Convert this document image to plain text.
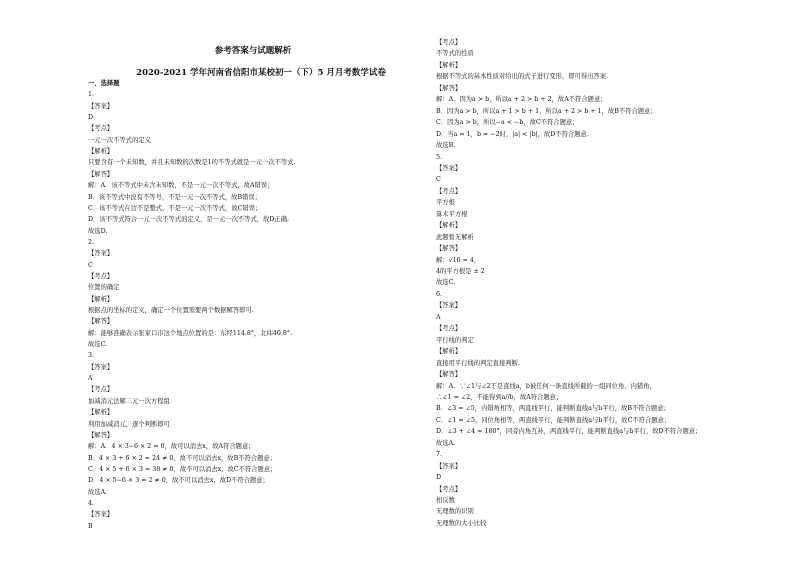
参考答案与试题解析
2020-2021 学年河南省信阳市某校初一（下）5 月月考数学试卷
一、选择题
1.
【答案】
D
【考点】
一元一次不等式的定义
【解析】
只要含有一个未知数，并且未知数的次数是1的不等式就是一元一次不等式.
【解答】
解：A．该不等式中未含未知数，不是一元一次不等式，故A错误；
B．该不等式中没有不等号，不是一元一次不等式，故B错误；
C．该不等式在边不是整式，不是一元一次不等式，故C错误；
D．该不等式符合一元一次不等式的定义，是一元一次不等式，故D正确.
故选D.
2.
【答案】
C
【考点】
位置的确定
【解析】
根据点的坐标的定义，确定一个位置需要两个数据解答即可.
【解答】
解：能够准确表示张家口市这个地点位置的是：东经114.8°，北纬40.8°.
故选C.
3.
【答案】
A
【考点】
加减消元法解二元一次方程组
【解析】
利用加减消元，逐个判断即可
【解答】
解：A．4 × 3−6 × 2 = 0，故可以消去x，故A符合题意；
B．4 × 3 + 6 × 2 = 24 ≠ 0，故不可以消去x，故B不符合题意；
C．4 × 5 + 6 × 3 = 38 ≠ 0，故不可以消去x，故C不符合题意；
D．4 × 5−6 × 3 = 2 ≠ 0，故不可以消去x，故D不符合题意；
故选A.
4.
【答案】
B
【考点】
不等式的性质
【解析】
根据不等式的基本性质对给出的式子进行变形，即可得出答案.
【解答】
解：A．因为a > b，所以a + 2 > b + 2，故A不符合题意；
B．因为a > b，所以a + 1 > b + 1，所以a + 2 > b + 1，故B不符合题意；
C．因为a > b，所以−a < −b，故C不符合题意；
D．当a = 1，b = −2时，|a| < |b|，故D不符合题意.
故选B.
5.
【答案】
C
【考点】
平方根
算术平方根
【解析】
此题暂无解析
【解答】
解：√16 = 4，
4的平方根是 ± 2
故选C.
6.
【答案】
A
【考点】
平行线的判定
【解析】
直接用平行线的判定直接判断.
【解答】
解：A．∵∠1与∠2不是直线a，b被任何一条直线所截的一组同位角、内错角，
∴∠1 = ∠2，不能得到a//b，故A符合题意；
B．∠3 = ∠5，内错角相等，两直线平行，能判断直线a与b平行，故B不符合题意；
C．∠1 = ∠5，同位角相等，两直线平行，能判断直线a与b平行，故C不符合题意；
D．∠3 + ∠4 = 180°，同旁内角互补，两直线平行，能判断直线a与b平行，故D不符合题意；
故选A.
7.
【答案】
D
【考点】
相反数
无理数的识别
无理数的大小比较
